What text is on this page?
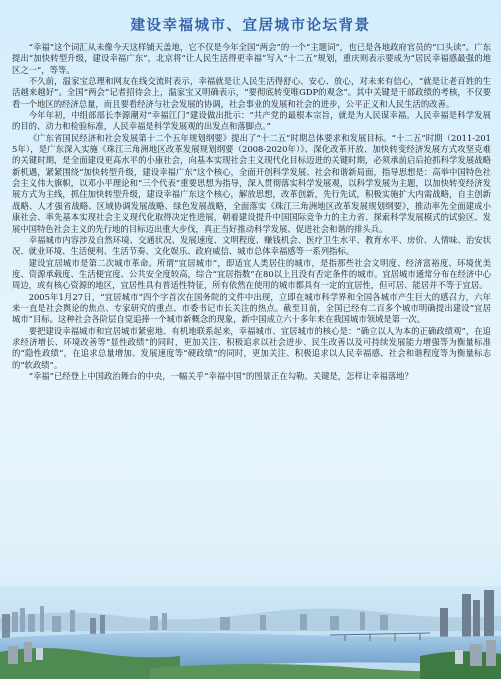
建设幸福城市、宜居城市论坛背景

“幸福”这个词汇从未像今天这样铺天盖地，它不仅是今年全国“两会”的一个“主题词”，也已是各地政府官员的“口头读”。广东提出“加快转型升级，建设幸福广东”，北京将“让人民生活得更幸福”写入“十二五”规划，重庆则表示要成为“居民幸福感最强的地区之一”，等等。

不久前，温家宝总理和网友在线交流时表示，幸福就是让人民生活得舒心、安心、放心，对未来有信心，“就是让老百姓的生活越来越好”。全国“两会”记者招待会上，温家宝又明确表示，“要彻底转变唯GDP的观念”。其中关键是干部政绩的考核，不仅要看一个地区的经济总量，而且要看经济与社会发展的协调，社会事业的发展和社会的进步，公平正义和人民生活的改善。

今年年初，中组部部长李源潮对“幸福江门”建设做出批示：“共产党的最根本宗旨，就是为人民谋幸福。人民幸福是科学发展的目的、动力和检验标准，人民幸福是科学发展观的出发点和落脚点。”

《广东省国民经济和社会发展第十二个五年规划纲要》提出了“十二五”时期总体要求和发展目标。“十二五”时期（2011-2015年），是广东深入实施《珠江三角洲地区改革发展规划纲要（2008-2020年）》、深化改革开放、加快转变经济发展方式攻坚克难的关键时期，是全面建设更高水平的小康社会，向基本实现社会主义现代化目标迈进的关键时期，必须承前启后抢抓科学发展战略新机遇，紧紧围绕“加快转型升级，建设幸福广东”这个核心，全面开创科学发展、社会和谐新局面，指导思想是：高举中国特色社会主义伟大旗帜，以邓小平理论和“三个代表”重要思想为指导，深入贯彻落实科学发展观，以科学发展为主题，以加快转变经济发展方式为主线，抓住加快转型升级，建设幸福广东这个核心，解放思想，改革创新，先行先试，积极实施扩大内需战略，自主创新战略、人才强省战略、区域协调发展战略、绿色发展战略，全面落实《珠江三角洲地区改革发展规划纲要》，推动率先全面建成小康社会、率先基本实现社会主义现代化取得决定性进展，朝着建设提升中国国际竞争力的主力省、探索科学发展模式的试验区、发展中国特色社会主义的先行地的目标迈出重大步伐，真正当好推动科学发展、促进社会和谐的排头兵。

幸福城市内容涉及自然环境、交通状况、发展速度、文明程度、赚钱机会、医疗卫生水平、教育水平、房价、人情味、治安状况、就业环境、生活便利、生活节奏、文化娱乐、政府威信、城市总体幸福感等一系列指标。

建设宜居城市是第二次城市革命。所谓“宜居城市”，即适宜人类居住的城市，是指那些社会文明度、经济富裕度、环境优美度、资源承载度、生活便宜度、公共安全度较高，综合“宜居指数”在80以上且没有否定条件的城市。宜居城市通常分布在经济中心周边，或有核心资源的地区，宜居性具有普适性特征，所有依然在使用的城市都具有一定的宜居性，但可居、能居并不等于宜居。

2005年1月27日，“宜居城市”四个字首次在国务院的文件中出现，立即在城市科学界和全国各城市产生巨大的感召力，六年来一直是社会舆论的焦点、专家研究的重点、市委书记市长关注的热点。截至目前，全国已经有二百多个城市明确提出建设“宜居城市”目标。这种社会各阶层自觉追捧一个城市新概念的现象，新中国成立六十多年来在我国城市领域是第一次。

要把建设幸福城市和宜居城市紧密地、有机地联系起来，幸福城市、宜居城市的核心是：“确立以人为本的正确政绩观”，在追求经济增长、环境改善等“显性政绩”的同时，更加关注、积极追求以社会进步、民生改善以及可持续发展能力增强等为衡量标准的“隐性政绩”，在追求总量增加、发展速度等“硬政绩”的同时，更加关注、积极追求以人民幸福感、社会和谐程度等为衡量标志的“软政绩”。

“幸福”已经登上中国政治舞台的中央，一幅关乎“幸福中国”的图景正在勾勒。关键是，怎样让幸福落地？
